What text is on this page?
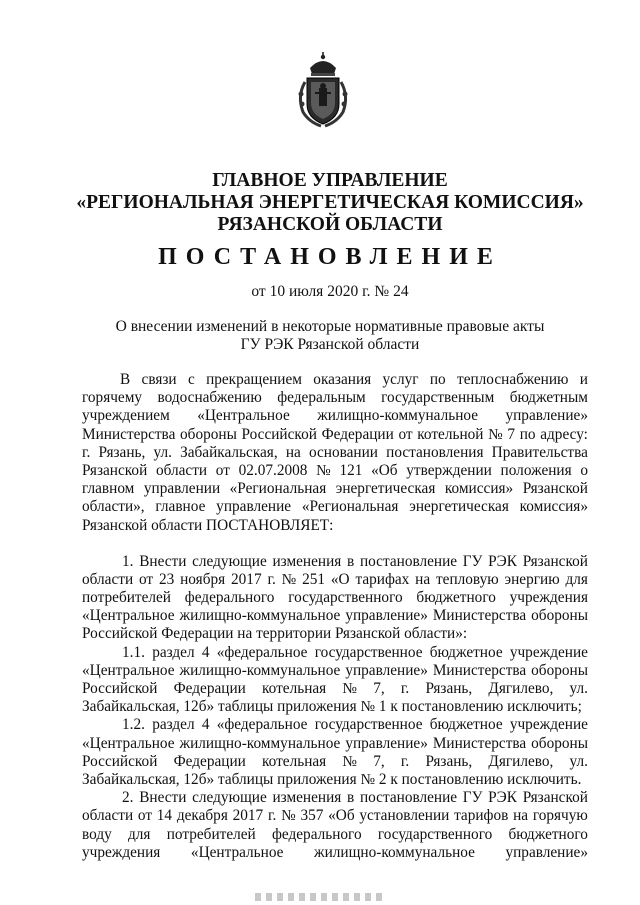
ГЛАВНОЕ УПРАВЛЕНИЕ
«РЕГИОНАЛЬНАЯ ЭНЕРГЕТИЧЕСКАЯ КОМИССИЯ»
РЯЗАНСКОЙ ОБЛАСТИ
ПОСТАНОВЛЕНИЕ
от 10 июля 2020 г. № 24
О внесении изменений в некоторые нормативные правовые акты
ГУ РЭК Рязанской области
В связи с прекращением оказания услуг по теплоснабжению и
горячему водоснабжению федеральным государственным бюджетным
учреждением «Центральное жилищно-коммунальное управление»
Министерства обороны Российской Федерации от котельной № 7 по адресу:
г. Рязань, ул. Забайкальская, на основании постановления Правительства
Рязанской области от 02.07.2008 № 121 «Об утверждении положения о
главном управлении «Региональная энергетическая комиссия» Рязанской
области», главное управление «Региональная энергетическая комиссия»
Рязанской области ПОСТАНОВЛЯЕТ:
1. Внести следующие изменения в постановление ГУ РЭК Рязанской
области от 23 ноября 2017 г. № 251 «О тарифах на тепловую энергию для
потребителей федерального государственного бюджетного учреждения
«Центральное жилищно-коммунальное управление» Министерства обороны
Российской Федерации на территории Рязанской области»:
1.1. раздел 4 «федеральное государственное бюджетное учреждение
«Центральное жилищно-коммунальное управление» Министерства обороны
Российской Федерации котельная № 7, г. Рязань, Дягилево, ул.
Забайкальская, 12б» таблицы приложения № 1 к постановлению исключить;
1.2. раздел 4 «федеральное государственное бюджетное учреждение
«Центральное жилищно-коммунальное управление» Министерства обороны
Российской Федерации котельная № 7, г. Рязань, Дягилево, ул.
Забайкальская, 12б» таблицы приложения № 2 к постановлению исключить.
2. Внести следующие изменения в постановление ГУ РЭК Рязанской
области от 14 декабря 2017 г. № 357 «Об установлении тарифов на горячую
воду для потребителей федерального государственного бюджетного
учреждения «Центральное жилищно-коммунальное управление»
